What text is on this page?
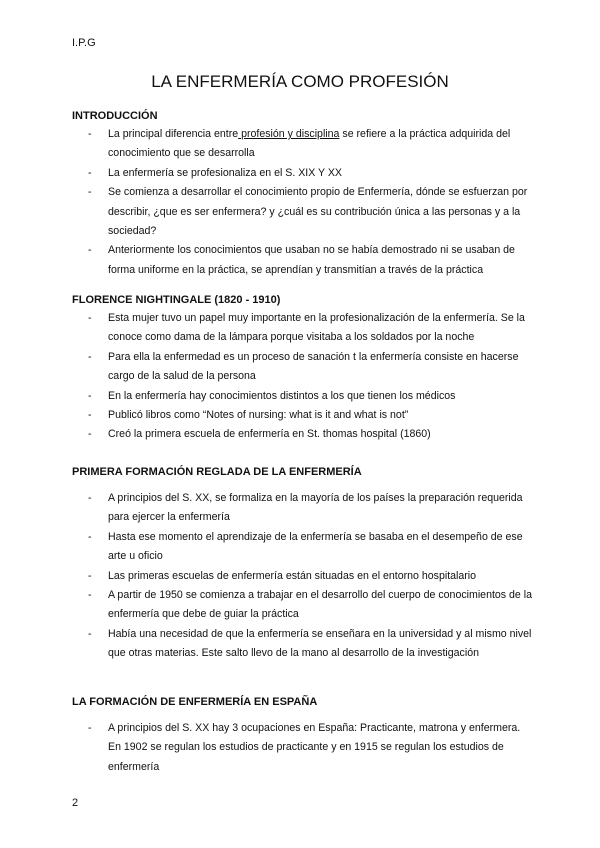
I.P.G
LA ENFERMERÍA COMO PROFESIÓN
INTRODUCCIÓN
- La principal diferencia entre profesión y disciplina se refiere a la práctica adquirida del conocimiento que se desarrolla
- La enfermería se profesionaliza en el S. XIX Y XX
- Se comienza a desarrollar el conocimiento propio de Enfermería, dónde se esfuerzan por describir, ¿que es ser enfermera? y ¿cuál es su contribución única a las personas y a la sociedad?
- Anteriormente los conocimientos que usaban no se había demostrado ni se usaban de forma uniforme en la práctica, se aprendían y transmitían a través de la práctica
FLORENCE NIGHTINGALE (1820 - 1910)
- Esta mujer tuvo un papel muy importante en la profesionalización de la enfermería. Se la conoce como dama de la lámpara porque visitaba a los soldados por la noche
- Para ella la enfermedad es un proceso de sanación t la enfermería consiste en hacerse cargo de la salud de la persona
- En la enfermería hay conocimientos distintos a los que tienen los médicos
- Publicó libros como “Notes of nursing: what is it and what is not”
- Creó la primera escuela de enfermería en St. thomas hospital (1860)
PRIMERA FORMACIÓN REGLADA DE LA ENFERMERÍA
- A principios del S. XX, se formaliza en la mayoría de los países la preparación requerida para ejercer la enfermería
- Hasta ese momento el aprendizaje de la enfermería se basaba en el desempeño de ese arte u oficio
- Las primeras escuelas de enfermería están situadas en el entorno hospitalario
- A partir de 1950 se comienza a trabajar en el desarrollo del cuerpo de conocimientos de la enfermería que debe de guiar la práctica
- Había una necesidad de que la enfermería se enseñara en la universidad y al mismo nivel que otras materias. Este salto llevo de la mano al desarrollo de la investigación
LA FORMACIÓN DE ENFERMERÍA EN ESPAÑA
- A principios del S. XX hay 3 ocupaciones en España: Practicante, matrona y enfermera. En 1902 se regulan los estudios de practicante y en 1915 se regulan los estudios de enfermería
2
